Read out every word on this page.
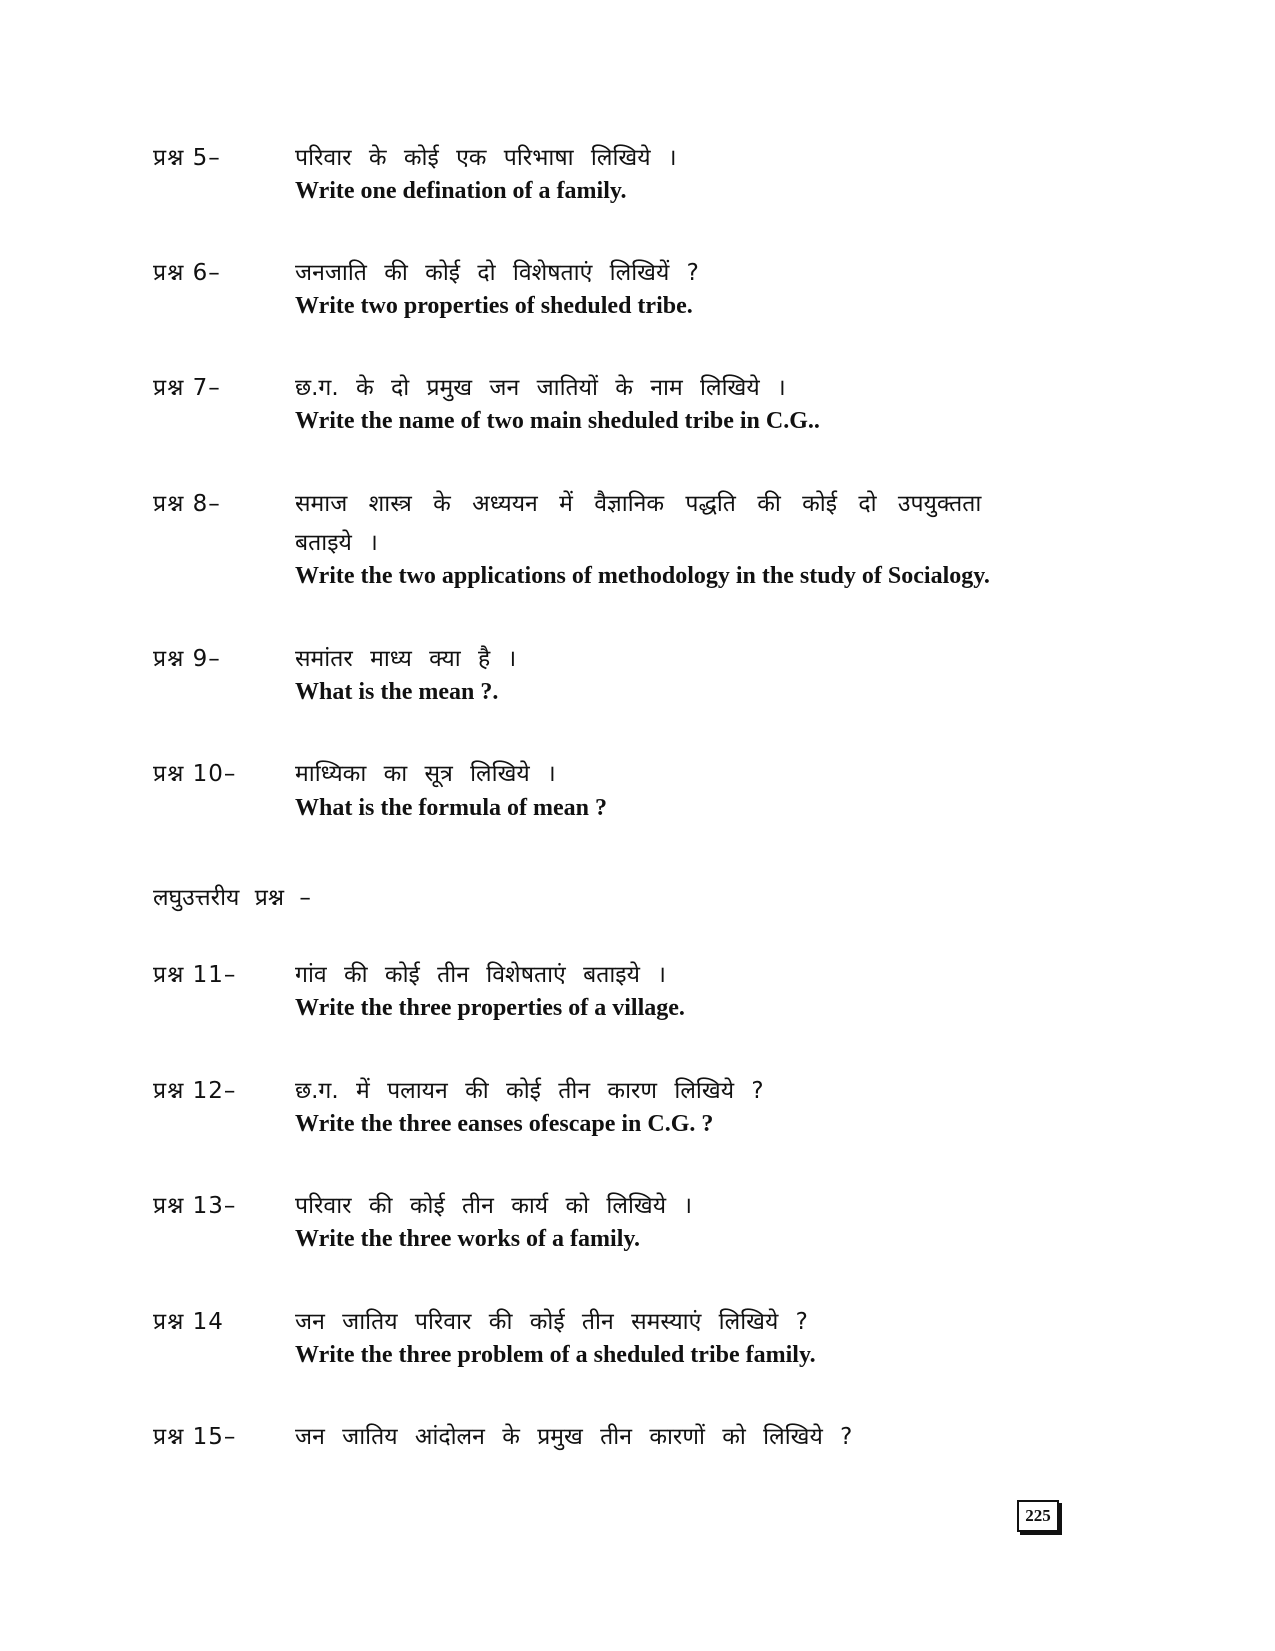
प्रश्न 5–	परिवार के कोई एक परिभाषा लिखिये ।
Write one defination of a family.
प्रश्न 6–	जनजाति की कोई दो विशेषताएं लिखियें ?
Write two properties of sheduled tribe.
प्रश्न 7–	छ.ग. के दो प्रमुख जन जातियों के नाम लिखिये ।
Write the name of two main sheduled tribe in C.G..
प्रश्न 8–	समाज शास्त्र के अध्ययन में वैज्ञानिक पद्धति की कोई दो उपयुक्तता
बताइये ।
Write the two applications of methodology in the study of Socialogy.
प्रश्न 9–	समांतर माध्य क्या है ।
What is the mean ?.
प्रश्न 10–	माध्यिका का सूत्र लिखिये ।
What is the formula of mean ?
लघुउत्तरीय प्रश्न –
प्रश्न 11–	गांव की कोई तीन विशेषताएं बताइये ।
Write the three properties of a village.
प्रश्न 12–	छ.ग. में पलायन की कोई तीन कारण लिखिये ?
Write the three eanses ofescape in C.G. ?
प्रश्न 13–	परिवार की कोई तीन कार्य को लिखिये ।
Write the three works of a family.
प्रश्न 14	जन जातिय परिवार की कोई तीन समस्याएं लिखिये ?
Write the three problem of a sheduled tribe family.
प्रश्न 15–	जन जातिय आंदोलन के प्रमुख तीन कारणों को लिखिये ?
225
